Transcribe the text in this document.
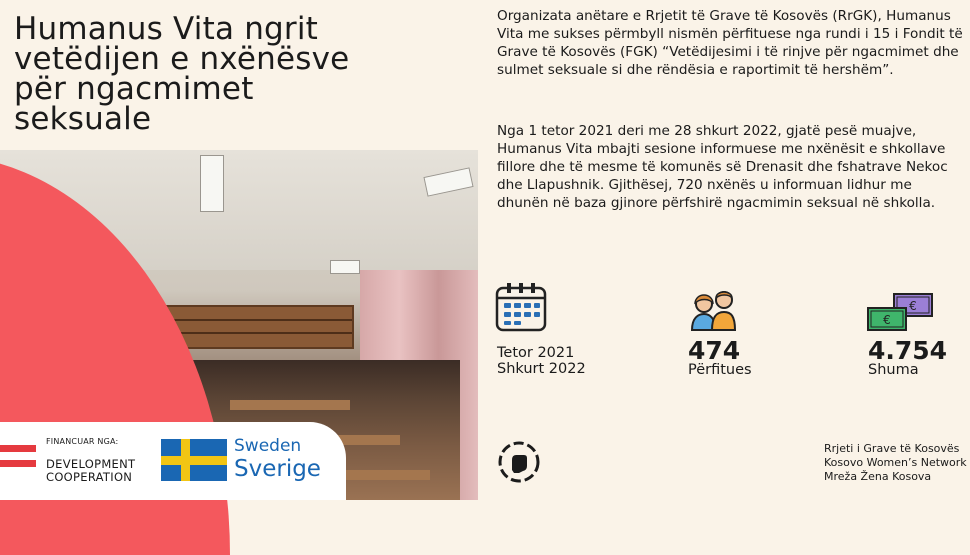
Humanus Vita ngrit vetëdijen e nxënësve për ngacmimet seksuale

Organizata anëtare e Rrjetit të Grave të Kosovës (RrGK), Humanus Vita me sukses përmbyll nismën përfituese nga rundi i 15 i Fondit të Grave të Kosovës (FGK) “Vetëdijesimi i të rinjve për ngacmimet dhe sulmet seksuale si dhe rëndësia e raportimit të hershëm”.

Nga 1 tetor 2021 deri me 28 shkurt 2022, gjatë pesë muajve, Humanus Vita mbajti sesione informuese me nxënësit e shkollave fillore dhe të mesme të komunës së Drenasit dhe fshatrave Nekoc dhe Llapushnik. Gjithësej, 720 nxënës u informuan lidhur me dhunën në baza gjinore përfshirë ngacmimin seksual në shkolla.

FINANCUAR NGA:
DEVELOPMENT
COOPERATION
Sweden
Sverige
Tetor 2021
Shkurt 2022
474
Përfitues
€
€
4.754
Shuma
Rrjeti i Grave të Kosovës
Kosovo Women’s Network
Mreža Žena Kosova
